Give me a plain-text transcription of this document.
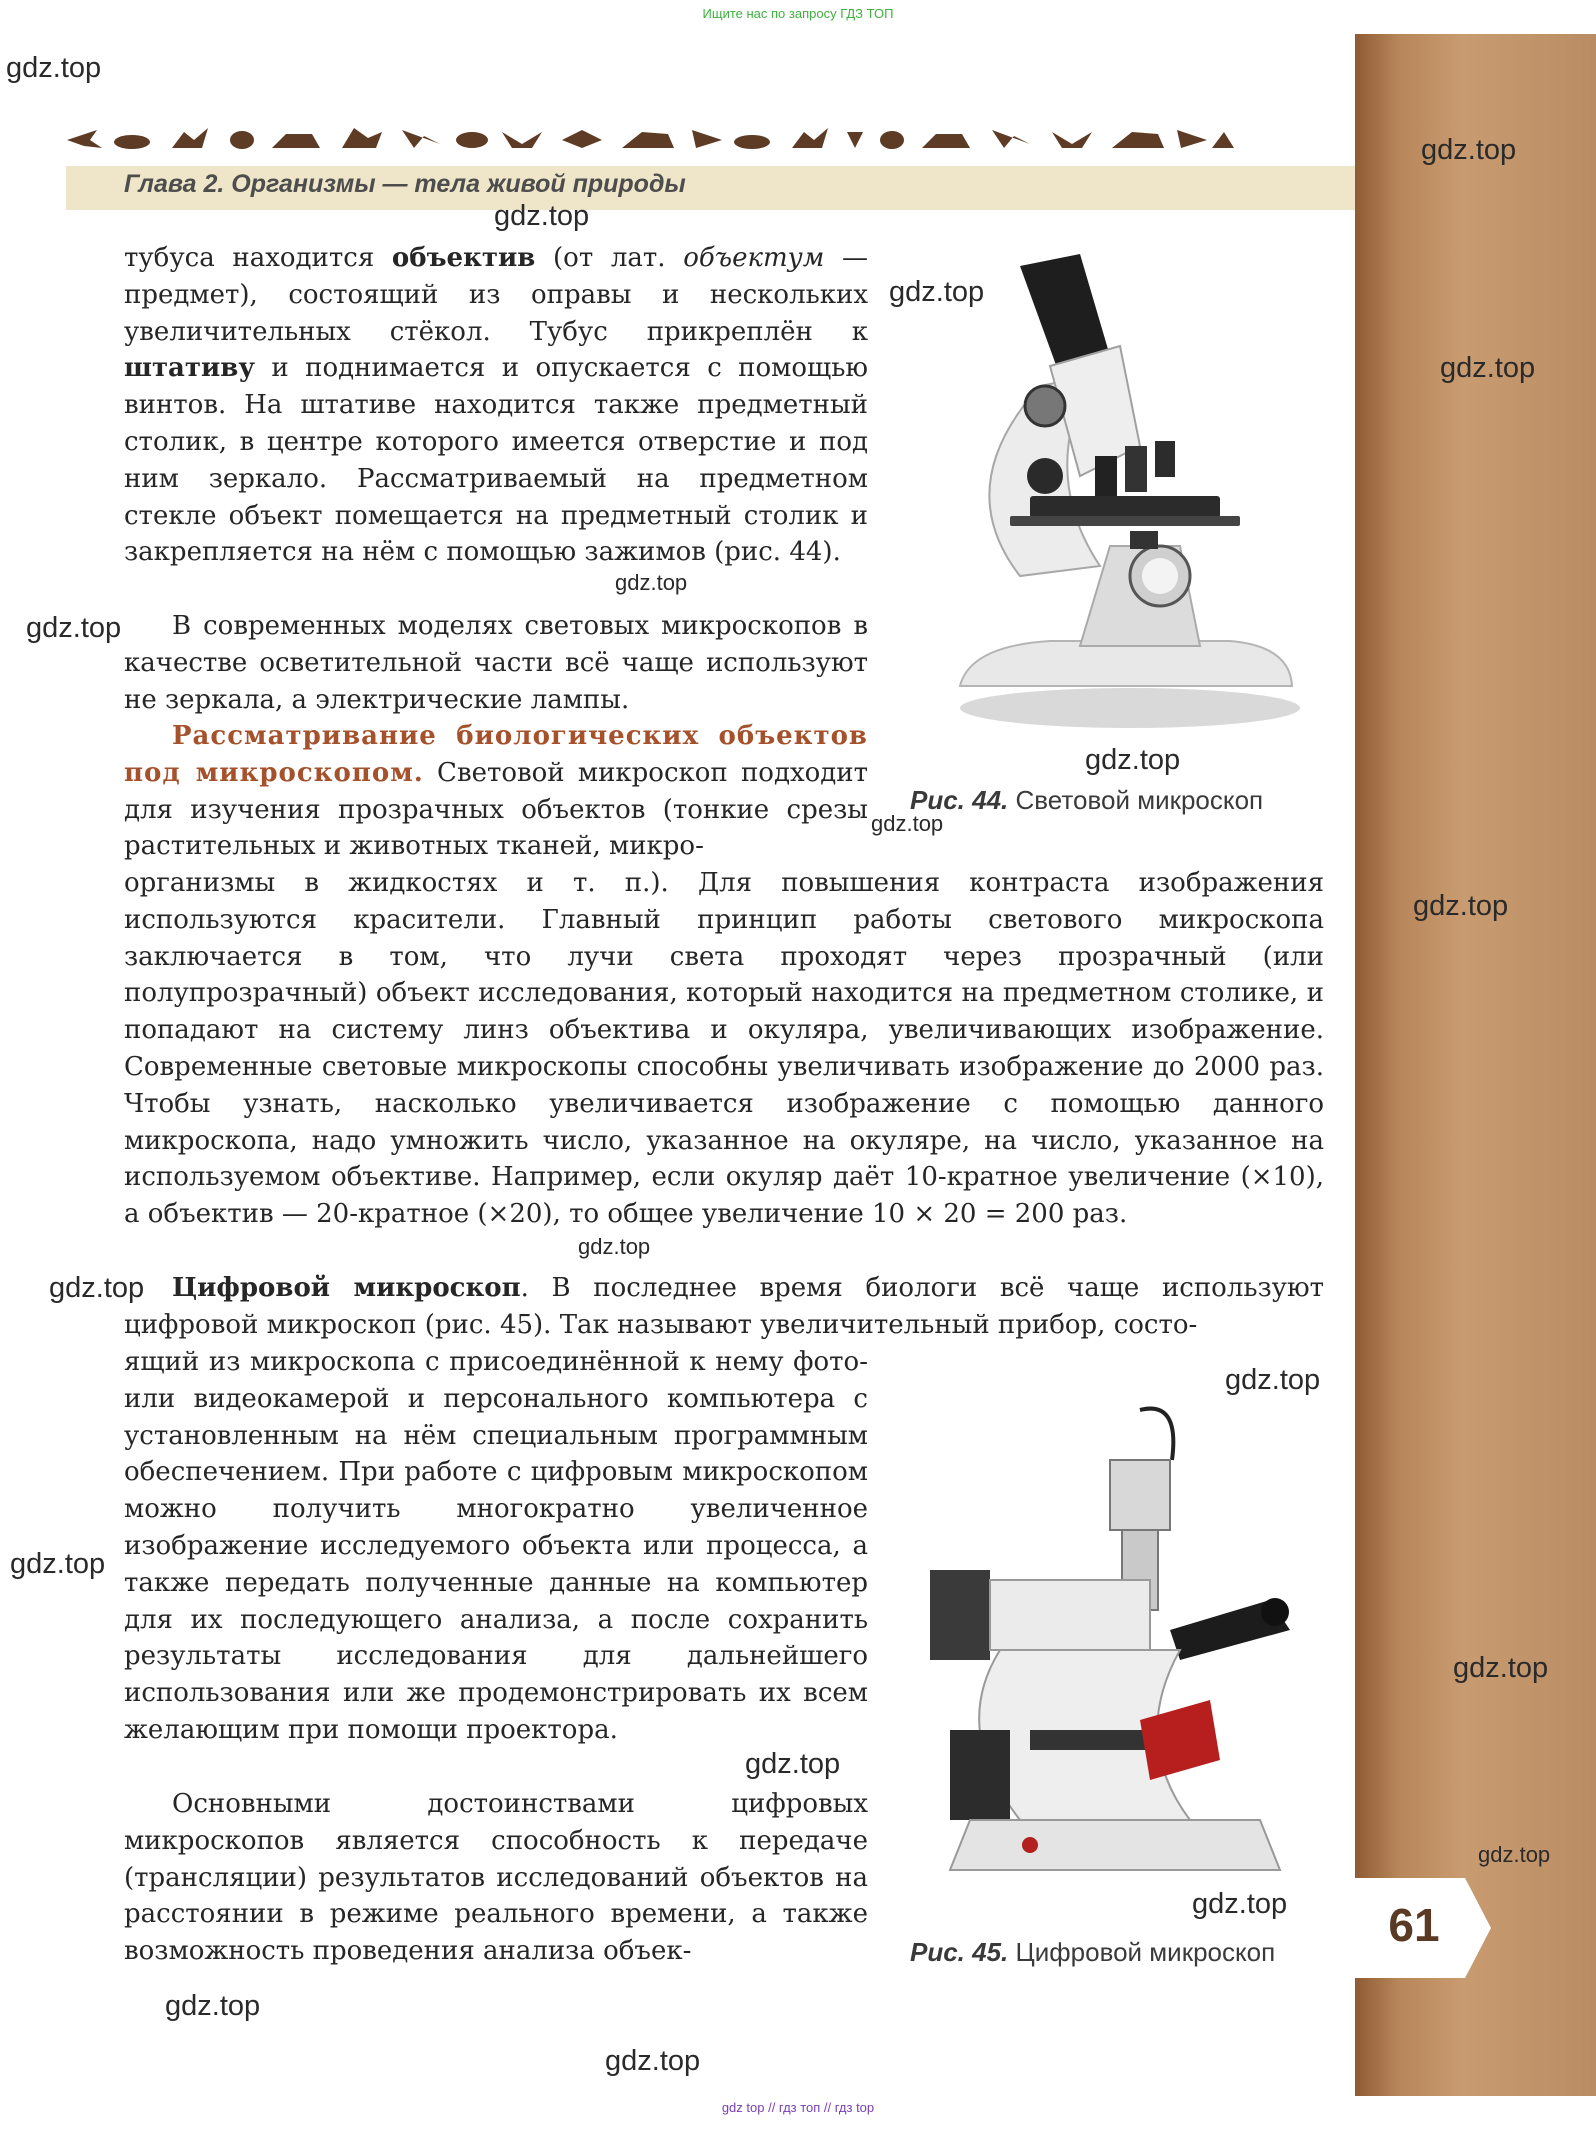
Ищите нас по запросу ГДЗ ТОП
Глава 2. Организмы — тела живой природы

тубуса находится объектив (от лат. объектум — предмет), состоящий из оправы и нескольких увеличительных стёкол. Тубус прикреплён к штативу и поднимается и опускается с помощью винтов. На штативе находится также предметный столик, в центре которого имеется отверстие и под ним зеркало. Рассматриваемый на предметном стекле объект помещается на предметный столик и закрепляется на нём с помощью зажимов (рис. 44).

В современных моделях световых микроскопов в качестве осветительной части всё чаще используют не зеркала, а электрические лампы.

Рассматривание биологических объектов под микроскопом. Световой микроскоп подходит для изучения прозрачных объектов (тонкие срезы растительных и животных тканей, микро-

организмы в жидкостях и т. п.). Для повышения контраста изображения используются красители. Главный принцип работы светового микроскопа заключается в том, что лучи света проходят через прозрачный (или полупрозрачный) объект исследования, который находится на предметном столике, и попадают на систему линз объектива и окуляра, увеличивающих изображение. Современные световые микроскопы способны увеличивать изображение до 2000 раз. Чтобы узнать, насколько увеличивается изображение с помощью данного микроскопа, надо умножить число, указанное на окуляре, на число, указанное на используемом объективе. Например, если окуляр даёт 10-кратное увеличение (×10), а объектив — 20-кратное (×20), то общее увеличение 10 × 20 = 200 раз.

Цифровой микроскоп. В последнее время биологи всё чаще используют цифровой микроскоп (рис. 45). Так называют увеличительный прибор, состо-

ящий из микроскопа с присоединённой к нему фото- или видеокамерой и персонального компьютера с установленным на нём специальным программным обеспечением. При работе с цифровым микроскопом можно получить многократно увеличенное изображение исследуемого объекта или процесса, а также передать полученные данные на компьютер для их последующего анализа, а после сохранить результаты исследования для дальнейшего использования или же продемонстрировать их всем желающим при помощи проектора.

Основными достоинствами цифровых микроскопов является способность к передаче (трансляции) результатов исследований объектов на расстоянии в режиме реального времени, а также возможность проведения анализа объек-

Рис. 44. Световой микроскоп
Рис. 45. Цифровой микроскоп
61
gdz.top
gdz.top
gdz.top
gdz.top
gdz.top
gdz.top
gdz.top
gdz.top
gdz.top
gdz.top
gdz.top
gdz.top
gdz.top
gdz.top
gdz.top
gdz.top
gdz.top
gdz.top
gdz.top
gdz.top
gdz top // гдз топ // гдз top
